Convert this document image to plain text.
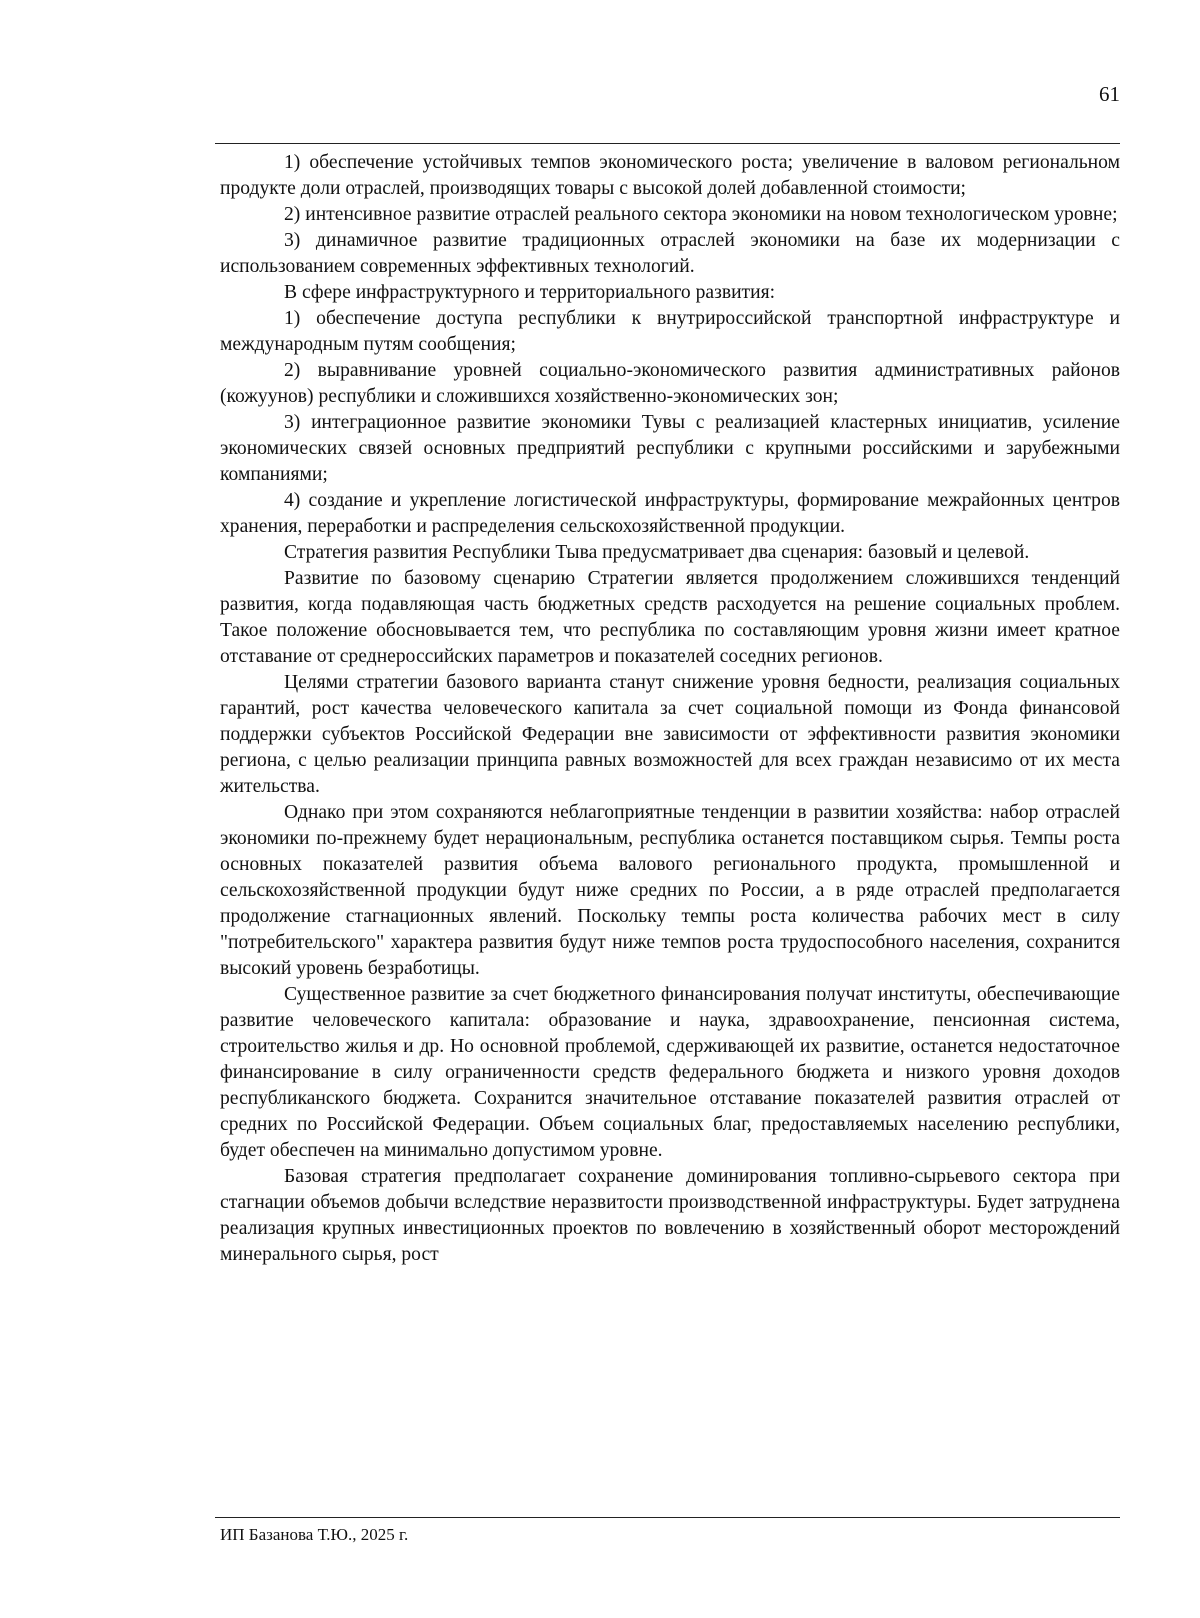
61

1) обеспечение устойчивых темпов экономического роста; увеличение в валовом региональном продукте доли отраслей, производящих товары с высокой долей добавленной стоимости;

2) интенсивное развитие отраслей реального сектора экономики на новом технологическом уровне;

3) динамичное развитие традиционных отраслей экономики на базе их модернизации с использованием современных эффективных технологий.

В сфере инфраструктурного и территориального развития:

1) обеспечение доступа республики к внутрироссийской транспортной инфраструктуре и международным путям сообщения;

2) выравнивание уровней социально-экономического развития административных районов (кожуунов) республики и сложившихся хозяйственно-экономических зон;

3) интеграционное развитие экономики Тувы с реализацией кластерных инициатив, усиление экономических связей основных предприятий республики с крупными российскими и зарубежными компаниями;

4) создание и укрепление логистической инфраструктуры, формирование межрайонных центров хранения, переработки и распределения сельскохозяйственной продукции.

Стратегия развития Республики Тыва предусматривает два сценария: базовый и целевой.

Развитие по базовому сценарию Стратегии является продолжением сложившихся тенденций развития, когда подавляющая часть бюджетных средств расходуется на решение социальных проблем. Такое положение обосновывается тем, что республика по составляющим уровня жизни имеет кратное отставание от среднероссийских параметров и показателей соседних регионов.

Целями стратегии базового варианта станут снижение уровня бедности, реализация социальных гарантий, рост качества человеческого капитала за счет социальной помощи из Фонда финансовой поддержки субъектов Российской Федерации вне зависимости от эффективности развития экономики региона, с целью реализации принципа равных возможностей для всех граждан независимо от их места жительства.

Однако при этом сохраняются неблагоприятные тенденции в развитии хозяйства: набор отраслей экономики по-прежнему будет нерациональным, республика останется поставщиком сырья. Темпы роста основных показателей развития объема валового регионального продукта, промышленной и сельскохозяйственной продукции будут ниже средних по России, а в ряде отраслей предполагается продолжение стагнационных явлений. Поскольку темпы роста количества рабочих мест в силу "потребительского" характера развития будут ниже темпов роста трудоспособного населения, сохранится высокий уровень безработицы.

Существенное развитие за счет бюджетного финансирования получат институты, обеспечивающие развитие человеческого капитала: образование и наука, здравоохранение, пенсионная система, строительство жилья и др. Но основной проблемой, сдерживающей их развитие, останется недостаточное финансирование в силу ограниченности средств федерального бюджета и низкого уровня доходов республиканского бюджета. Сохранится значительное отставание показателей развития отраслей от средних по Российской Федерации. Объем социальных благ, предоставляемых населению республики, будет обеспечен на минимально допустимом уровне.

Базовая стратегия предполагает сохранение доминирования топливно-сырьевого сектора при стагнации объемов добычи вследствие неразвитости производственной инфраструктуры. Будет затруднена реализация крупных инвестиционных проектов по вовлечению в хозяйственный оборот месторождений минерального сырья, рост

ИП Базанова Т.Ю., 2025 г.
